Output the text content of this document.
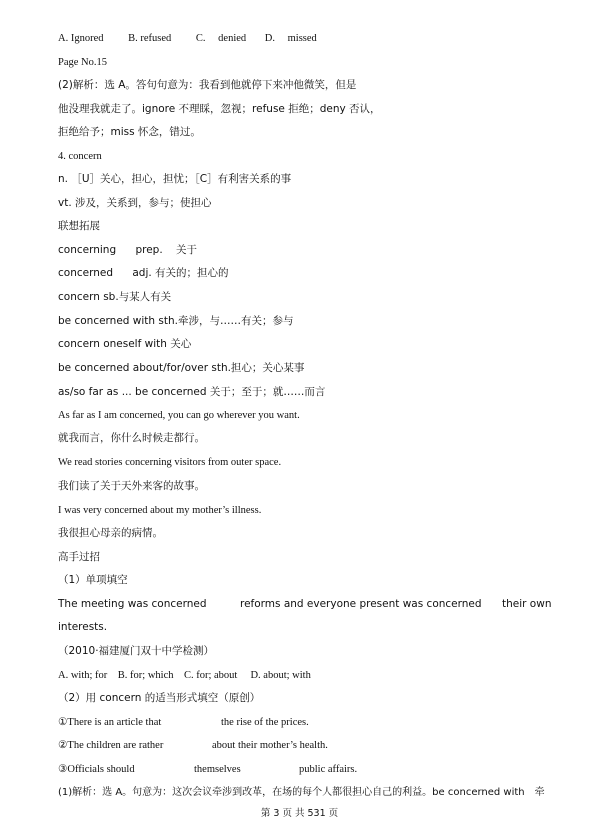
A. Ignored B. refused C. denied D. missed
Page No.15
(2)解析：选 A。答句句意为：我看到他就停下来冲他微笑，但是
他没理我就走了。ignore 不理睬，忽视；refuse 拒绝；deny 否认，
拒绝给予；miss 怀念，错过。
4. concern
n. ［U］关心，担心，担忧；［C］有利害关系的事
vt. 涉及，关系到，参与；使担心
联想拓展
concerning prep. 关于
concerned adj. 有关的；担心的
concern sb.与某人有关
be concerned with sth.牵涉，与……有关；参与
concern oneself with 关心
be concerned about/for/over sth.担心；关心某事
as/so far as ... be concerned 关于；至于；就……而言
As far as I am concerned, you can go wherever you want.
就我而言，你什么时候走都行。
We read stories concerning visitors from outer space.
我们读了关于天外来客的故事。
I was very concerned about my mother’s illness.
我很担心母亲的病情。
高手过招
（1）单项填空
The meeting was concerned	reforms and everyone present was concerned their own
interests.
（2010·福建厦门双十中学检测）
A. with; for    B. for; which    C. for; about     D. about; with
（2）用 concern 的适当形式填空（原创）
①There is an article that	the rise of the prices.
②The children are rather	about their mother’s health.
③Officials should	themselves	public affairs.
(1)解析：选 A。句意为：这次会议牵涉到改革，在场的每个人都很担心自己的利益。be concerned with　牵
第 3 页 共 531 页
